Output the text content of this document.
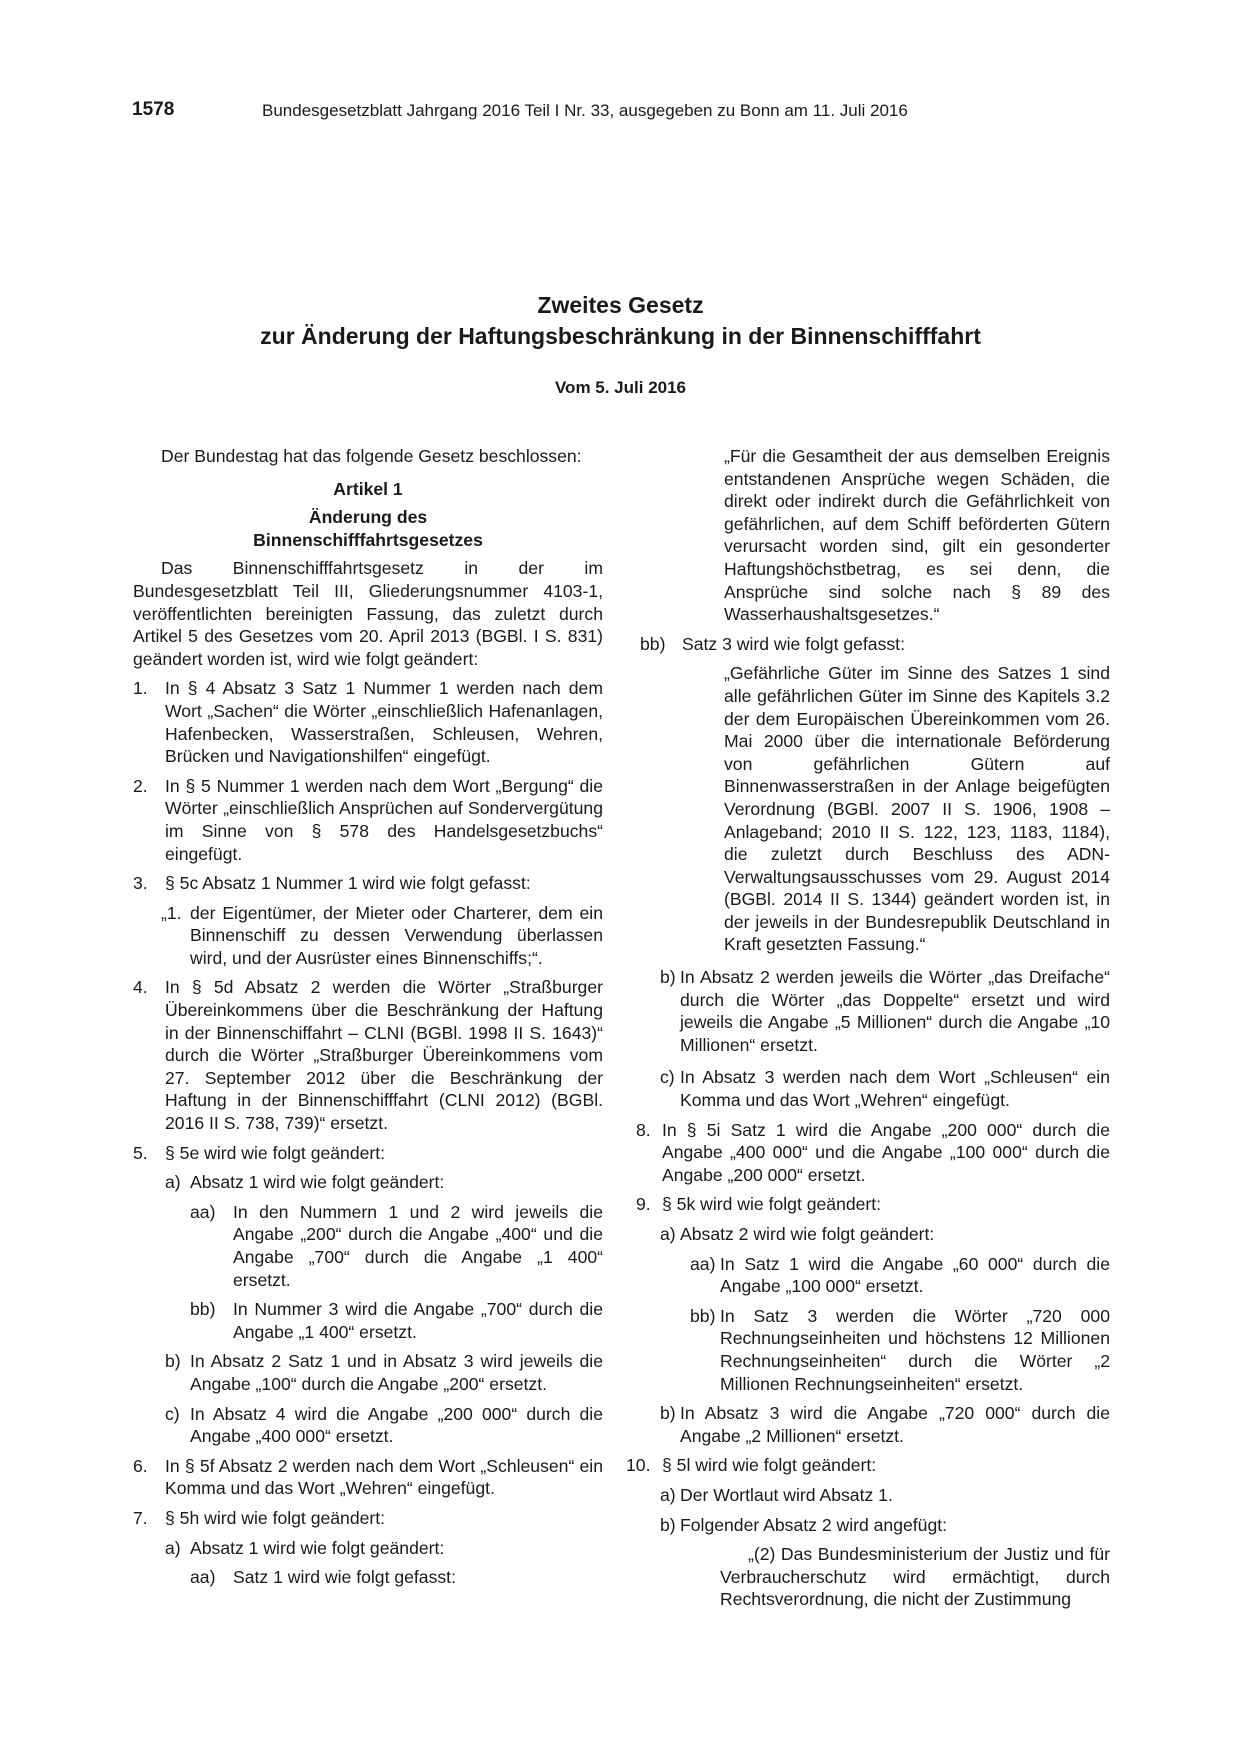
1578	Bundesgesetzblatt Jahrgang 2016 Teil I Nr. 33, ausgegeben zu Bonn am 11. Juli 2016
Zweites Gesetz
zur Änderung der Haftungsbeschränkung in der Binnenschifffahrt
Vom 5. Juli 2016

Der Bundestag hat das folgende Gesetz beschlossen:

Artikel 1

Änderung des

Binnenschifffahrtsgesetzes

Das Binnenschifffahrtsgesetz in der im Bundesgesetzblatt Teil III, Gliederungsnummer 4103-1, veröffentlichten bereinigten Fassung, das zuletzt durch Artikel 5 des Gesetzes vom 20. April 2013 (BGBl. I S. 831) geändert worden ist, wird wie folgt geändert:

1. In § 4 Absatz 3 Satz 1 Nummer 1 werden nach dem Wort „Sachen“ die Wörter „einschließlich Hafenanlagen, Hafenbecken, Wasserstraßen, Schleusen, Wehren, Brücken und Navigationshilfen“ eingefügt.

2. In § 5 Nummer 1 werden nach dem Wort „Bergung“ die Wörter „einschließlich Ansprüchen auf Sondervergütung im Sinne von § 578 des Handelsgesetzbuchs“ eingefügt.

3. § 5c Absatz 1 Nummer 1 wird wie folgt gefasst:

„1. der Eigentümer, der Mieter oder Charterer, dem ein Binnenschiff zu dessen Verwendung überlassen wird, und der Ausrüster eines Binnenschiffs;“.

4. In § 5d Absatz 2 werden die Wörter „Straßburger Übereinkommens über die Beschränkung der Haftung in der Binnenschiffahrt – CLNI (BGBl. 1998 II S. 1643)“ durch die Wörter „Straßburger Übereinkommens vom 27. September 2012 über die Beschränkung der Haftung in der Binnenschifffahrt (CLNI 2012) (BGBl. 2016 II S. 738, 739)“ ersetzt.

5. § 5e wird wie folgt geändert:

a) Absatz 1 wird wie folgt geändert:

aa) In den Nummern 1 und 2 wird jeweils die Angabe „200“ durch die Angabe „400“ und die Angabe „700“ durch die Angabe „1 400“ ersetzt.

bb) In Nummer 3 wird die Angabe „700“ durch die Angabe „1 400“ ersetzt.

b) In Absatz 2 Satz 1 und in Absatz 3 wird jeweils die Angabe „100“ durch die Angabe „200“ ersetzt.

c) In Absatz 4 wird die Angabe „200 000“ durch die Angabe „400 000“ ersetzt.

6. In § 5f Absatz 2 werden nach dem Wort „Schleusen“ ein Komma und das Wort „Wehren“ eingefügt.

7. § 5h wird wie folgt geändert:

a) Absatz 1 wird wie folgt geändert:

aa) Satz 1 wird wie folgt gefasst:

„Für die Gesamtheit der aus demselben Ereignis entstandenen Ansprüche wegen Schäden, die direkt oder indirekt durch die Gefährlichkeit von gefährlichen, auf dem Schiff beförderten Gütern verursacht worden sind, gilt ein gesonderter Haftungshöchstbetrag, es sei denn, die Ansprüche sind solche nach § 89 des Wasserhaushaltsgesetzes.“

bb) Satz 3 wird wie folgt gefasst:

„Gefährliche Güter im Sinne des Satzes 1 sind alle gefährlichen Güter im Sinne des Kapitels 3.2 der dem Europäischen Übereinkommen vom 26. Mai 2000 über die internationale Beförderung von gefährlichen Gütern auf Binnenwasserstraßen in der Anlage beigefügten Verordnung (BGBl. 2007 II S. 1906, 1908 – Anlageband; 2010 II S. 122, 123, 1183, 1184), die zuletzt durch Beschluss des ADN-Verwaltungsausschusses vom 29. August 2014 (BGBl. 2014 II S. 1344) geändert worden ist, in der jeweils in der Bundesrepublik Deutschland in Kraft gesetzten Fassung.“

b) In Absatz 2 werden jeweils die Wörter „das Dreifache“ durch die Wörter „das Doppelte“ ersetzt und wird jeweils die Angabe „5 Millionen“ durch die Angabe „10 Millionen“ ersetzt.

c) In Absatz 3 werden nach dem Wort „Schleusen“ ein Komma und das Wort „Wehren“ eingefügt.

8. In § 5i Satz 1 wird die Angabe „200 000“ durch die Angabe „400 000“ und die Angabe „100 000“ durch die Angabe „200 000“ ersetzt.

9. § 5k wird wie folgt geändert:

a) Absatz 2 wird wie folgt geändert:

aa) In Satz 1 wird die Angabe „60 000“ durch die Angabe „100 000“ ersetzt.

bb) In Satz 3 werden die Wörter „720 000 Rechnungseinheiten und höchstens 12 Millionen Rechnungseinheiten“ durch die Wörter „2 Millionen Rechnungseinheiten“ ersetzt.

b) In Absatz 3 wird die Angabe „720 000“ durch die Angabe „2 Millionen“ ersetzt.

10. § 5l wird wie folgt geändert:

a) Der Wortlaut wird Absatz 1.

b) Folgender Absatz 2 wird angefügt:

„(2) Das Bundesministerium der Justiz und für Verbraucherschutz wird ermächtigt, durch Rechtsverordnung, die nicht der Zustimmung
